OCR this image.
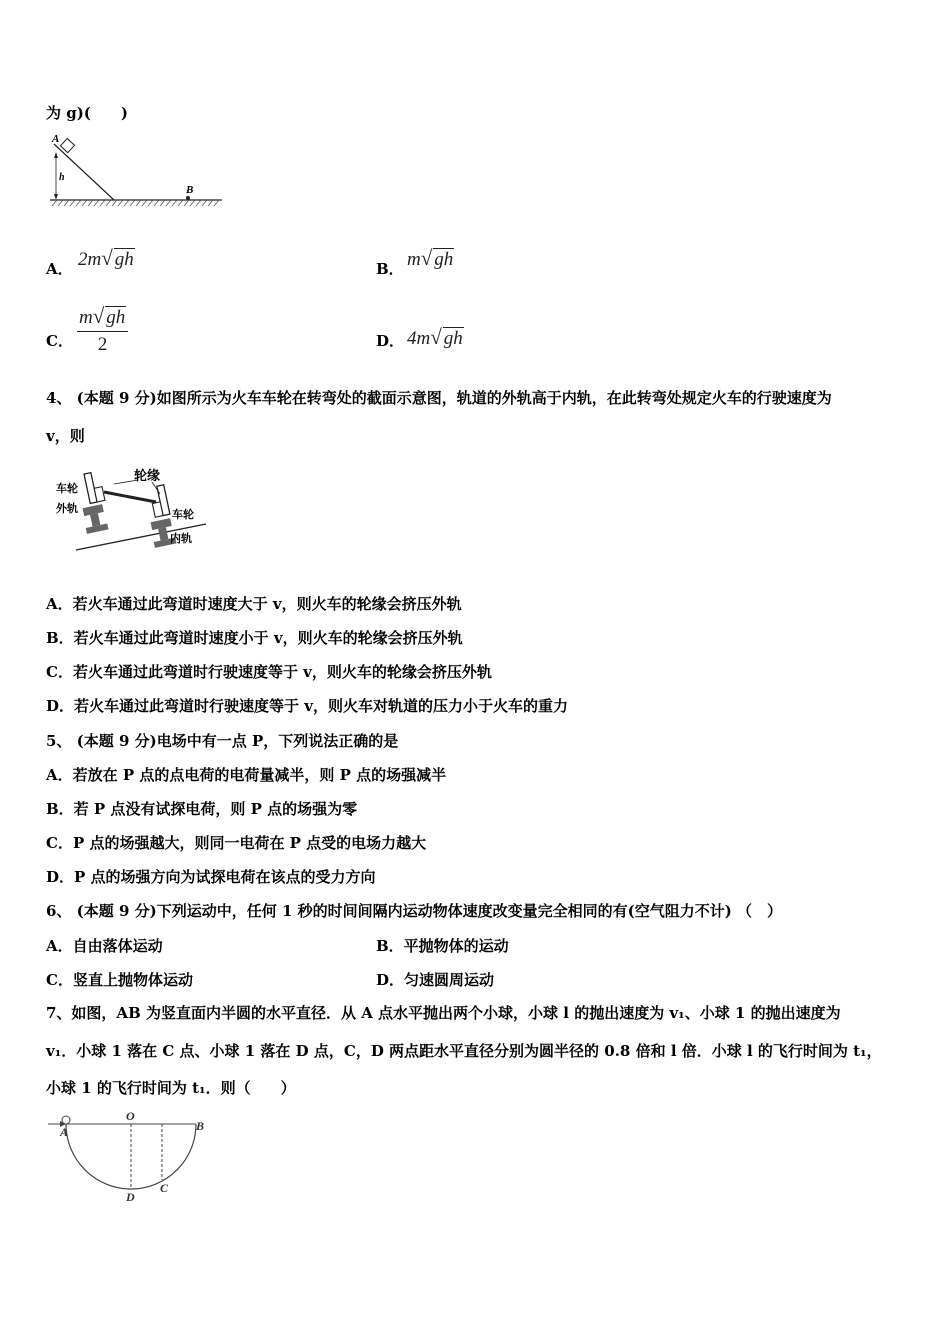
为 g)(　　)
A
h
B
A． 2m√ gh	B． m√ gh
C． $\frac{m√ gh}{2}$	D． 4m√ gh
4、 (本题 9 分)如图所示为火车车轮在转弯处的截面示意图，轨道的外轨高于内轨，在此转弯处规定火车的行驶速度为
v，则
轮缘
车轮
外轨	车轮
内轨
A．若火车通过此弯道时速度大于 v，则火车的轮缘会挤压外轨
B．若火车通过此弯道时速度小于 v，则火车的轮缘会挤压外轨
C．若火车通过此弯道时行驶速度等于 v，则火车的轮缘会挤压外轨
D．若火车通过此弯道时行驶速度等于 v，则火车对轨道的压力小于火车的重力
5、 (本题 9 分)电场中有一点 P，下列说法正确的是
A．若放在 P 点的点电荷的电荷量减半，则 P 点的场强减半
B．若 P 点没有试探电荷，则 P 点的场强为零
C．P 点的场强越大，则同一电荷在 P 点受的电场力越大
D．P 点的场强方向为试探电荷在该点的受力方向
6、 (本题 9 分)下列运动中，任何 1 秒的时间间隔内运动物体速度改变量完全相同的有(空气阻力不计) （　）
A．自由落体运动	B．平抛物体的运动
C．竖直上抛物体运动	D．匀速圆周运动
7、如图，AB 为竖直面内半圆的水平直径．从 A 点水平抛出两个小球，小球 l 的抛出速度为 v₁、小球 1 的抛出速度为
v₁．小球 1 落在 C 点、小球 1 落在 D 点，C，D 两点距水平直径分别为圆半径的 0.8 倍和 l 倍．小球 l 的飞行时间为 t₁，
小球 1 的飞行时间为 t₁．则（　　）
A
O
B
D
C
